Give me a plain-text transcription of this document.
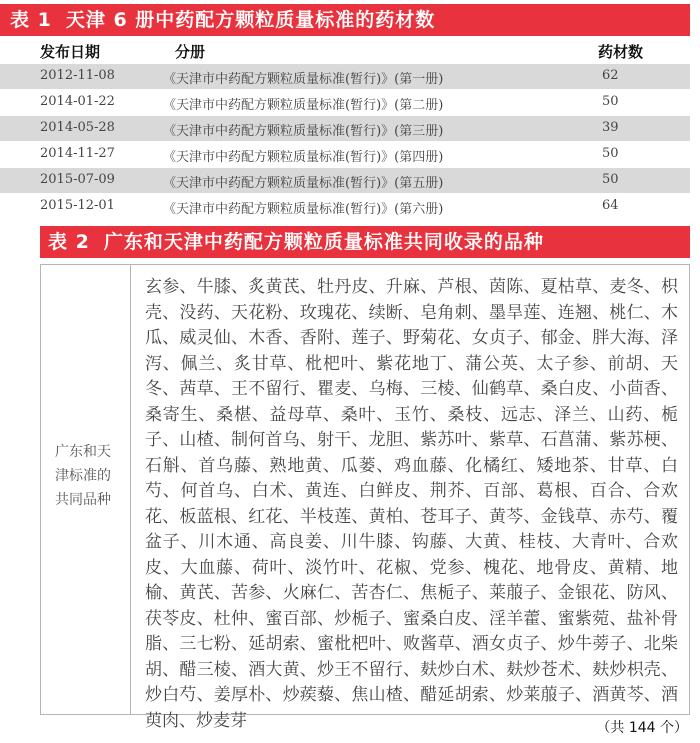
表 1 天津 6 册中药配方颗粒质量标准的药材数
发布日期	分册	药材数
2012-11-08	《天津市中药配方颗粒质量标准(暂行)》(第一册)	62
2014-01-22	《天津市中药配方颗粒质量标准(暂行)》(第二册)	50
2014-05-28	《天津市中药配方颗粒质量标准(暂行)》(第三册)	39
2014-11-27	《天津市中药配方颗粒质量标准(暂行)》(第四册)	50
2015-07-09	《天津市中药配方颗粒质量标准(暂行)》(第五册)	50
2015-12-01	《天津市中药配方颗粒质量标准(暂行)》(第六册)	64
表 2 广东和天津中药配方颗粒质量标准共同收录的品种
广东和天津标准的共同品种
玄参、牛膝、炙黄芪、牡丹皮、升麻、芦根、茵陈、夏枯草、麦冬、枳壳、没药、天花粉、玫瑰花、续断、皂角刺、墨旱莲、连翘、桃仁、木瓜、威灵仙、木香、香附、莲子、野菊花、女贞子、郁金、胖大海、泽泻、佩兰、炙甘草、枇杷叶、紫花地丁、蒲公英、太子参、前胡、天冬、茜草、王不留行、瞿麦、乌梅、三棱、仙鹤草、桑白皮、小茴香、桑寄生、桑椹、益母草、桑叶、玉竹、桑枝、远志、泽兰、山药、栀子、山楂、制何首乌、射干、龙胆、紫苏叶、紫草、石菖蒲、紫苏梗、石斛、首乌藤、熟地黄、瓜蒌、鸡血藤、化橘红、矮地茶、甘草、白芍、何首乌、白术、黄连、白鲜皮、荆芥、百部、葛根、百合、合欢花、板蓝根、红花、半枝莲、黄柏、苍耳子、黄芩、金钱草、赤芍、覆盆子、川木通、高良姜、川牛膝、钩藤、大黄、桂枝、大青叶、合欢皮、大血藤、荷叶、淡竹叶、花椒、党参、槐花、地骨皮、黄精、地榆、黄芪、苦参、火麻仁、苦杏仁、焦栀子、莱菔子、金银花、防风、茯苓皮、杜仲、蜜百部、炒栀子、蜜桑白皮、淫羊藿、蜜紫菀、盐补骨脂、三七粉、延胡索、蜜枇杷叶、败酱草、酒女贞子、炒牛蒡子、北柴胡、醋三棱、酒大黄、炒王不留行、麸炒白术、麸炒苍术、麸炒枳壳、炒白芍、姜厚朴、炒蒺藜、焦山楂、醋延胡索、炒莱菔子、酒黄芩、酒萸肉、炒麦芽	（共 144 个）
